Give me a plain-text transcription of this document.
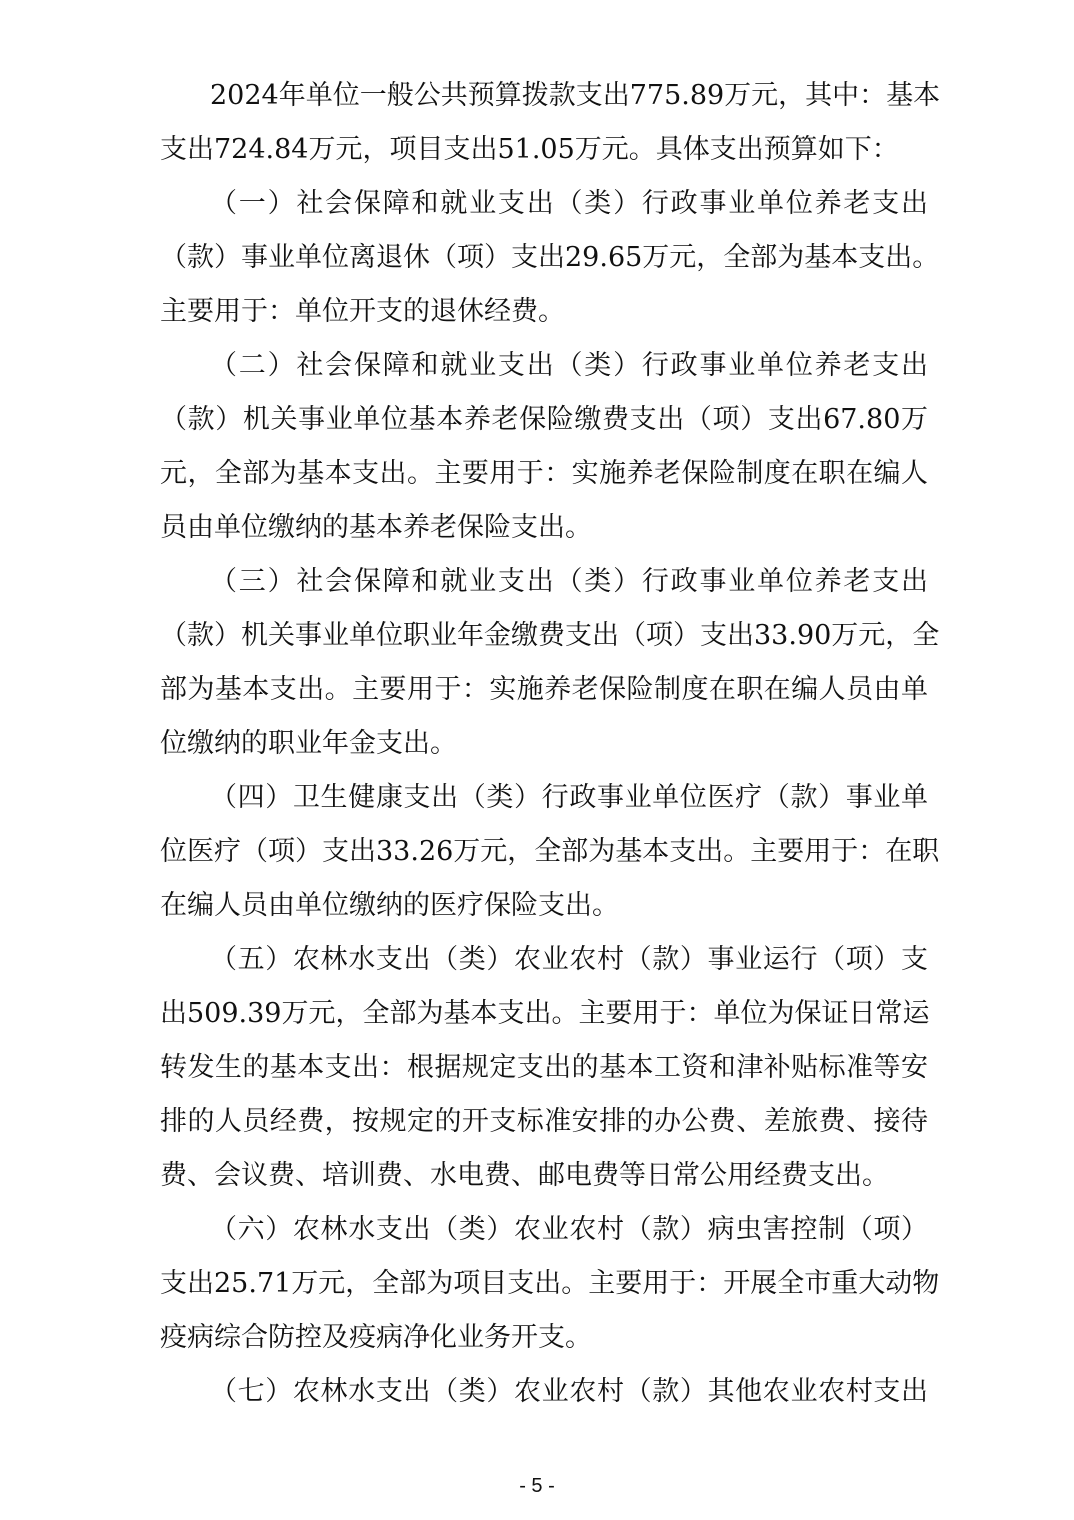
2024年单位一般公共预算拨款支出775.89万元，其中：基本
支出724.84万元，项目支出51.05万元。具体支出预算如下：
（一）社会保障和就业支出（类）行政事业单位养老支出
（款）事业单位离退休（项）支出29.65万元，全部为基本支出。
主要用于：单位开支的退休经费。
（二）社会保障和就业支出（类）行政事业单位养老支出
（款）机关事业单位基本养老保险缴费支出（项）支出67.80万
元，全部为基本支出。主要用于：实施养老保险制度在职在编人
员由单位缴纳的基本养老保险支出。
（三）社会保障和就业支出（类）行政事业单位养老支出
（款）机关事业单位职业年金缴费支出（项）支出33.90万元，全
部为基本支出。主要用于：实施养老保险制度在职在编人员由单
位缴纳的职业年金支出。
（四）卫生健康支出（类）行政事业单位医疗（款）事业单
位医疗（项）支出33.26万元，全部为基本支出。主要用于：在职
在编人员由单位缴纳的医疗保险支出。
（五）农林水支出（类）农业农村（款）事业运行（项）支
出509.39万元，全部为基本支出。主要用于：单位为保证日常运
转发生的基本支出：根据规定支出的基本工资和津补贴标准等安
排的人员经费，按规定的开支标准安排的办公费、差旅费、接待
费、会议费、培训费、水电费、邮电费等日常公用经费支出。
（六）农林水支出（类）农业农村（款）病虫害控制（项）
支出25.71万元，全部为项目支出。主要用于：开展全市重大动物
疫病综合防控及疫病净化业务开支。
（七）农林水支出（类）农业农村（款）其他农业农村支出
- 5 -
